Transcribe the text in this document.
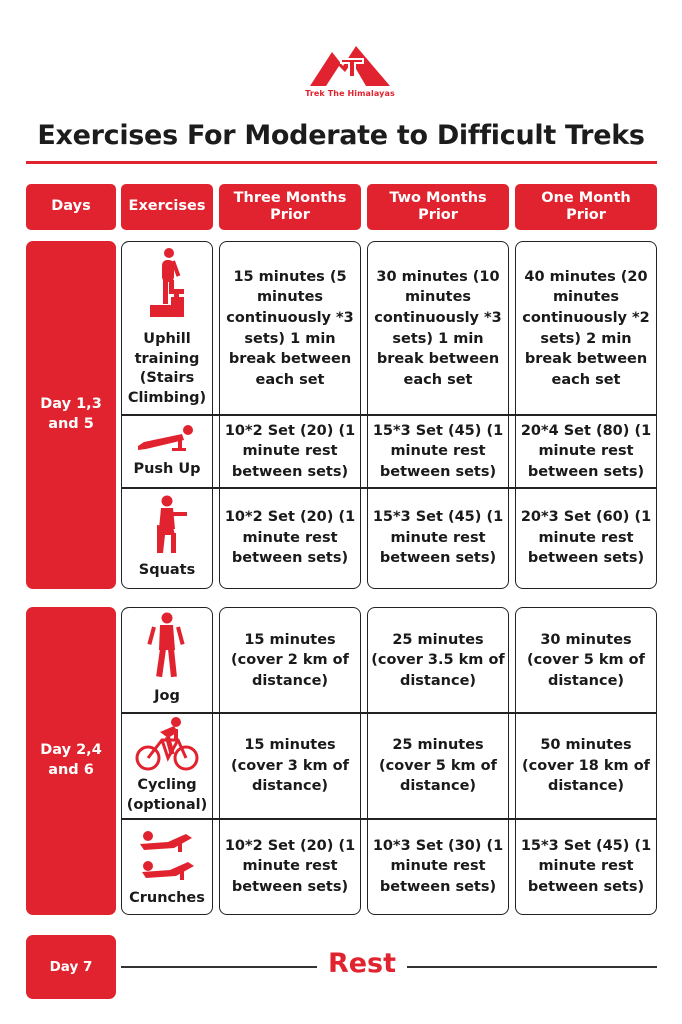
Trek The Himalayas
Exercises For Moderate to Difficult Treks
Days	Exercises
Three Months Prior
Two Months Prior
One Month Prior
Day 1,3 and 5
Uphill training (Stairs Climbing)
15 minutes (5 minutes continuously *3 sets) 1 min break between each set
30 minutes (10 minutes continuously *3 sets) 1 min break between each set
40 minutes (20 minutes continuously *2 sets) 2 min break between each set
Push Up
10*2 Set (20) (1 minute rest between sets)
15*3 Set (45) (1 minute rest between sets)
20*4 Set (80) (1 minute rest between sets)
Squats
10*2 Set (20) (1 minute rest between sets)
15*3 Set (45) (1 minute rest between sets)
20*3 Set (60) (1 minute rest between sets)
Day 2,4 and 6
Jog
15 minutes (cover 2 km of distance)
25 minutes (cover 3.5 km of distance)
30 minutes (cover 5 km of distance)
Cycling (optional)
15 minutes (cover 3 km of distance)
25 minutes (cover 5 km of distance)
50 minutes (cover 18 km of distance)
Crunches
10*2 Set (20) (1 minute rest between sets)
10*3 Set (30) (1 minute rest between sets)
15*3 Set (45) (1 minute rest between sets)
Day 7	Rest
